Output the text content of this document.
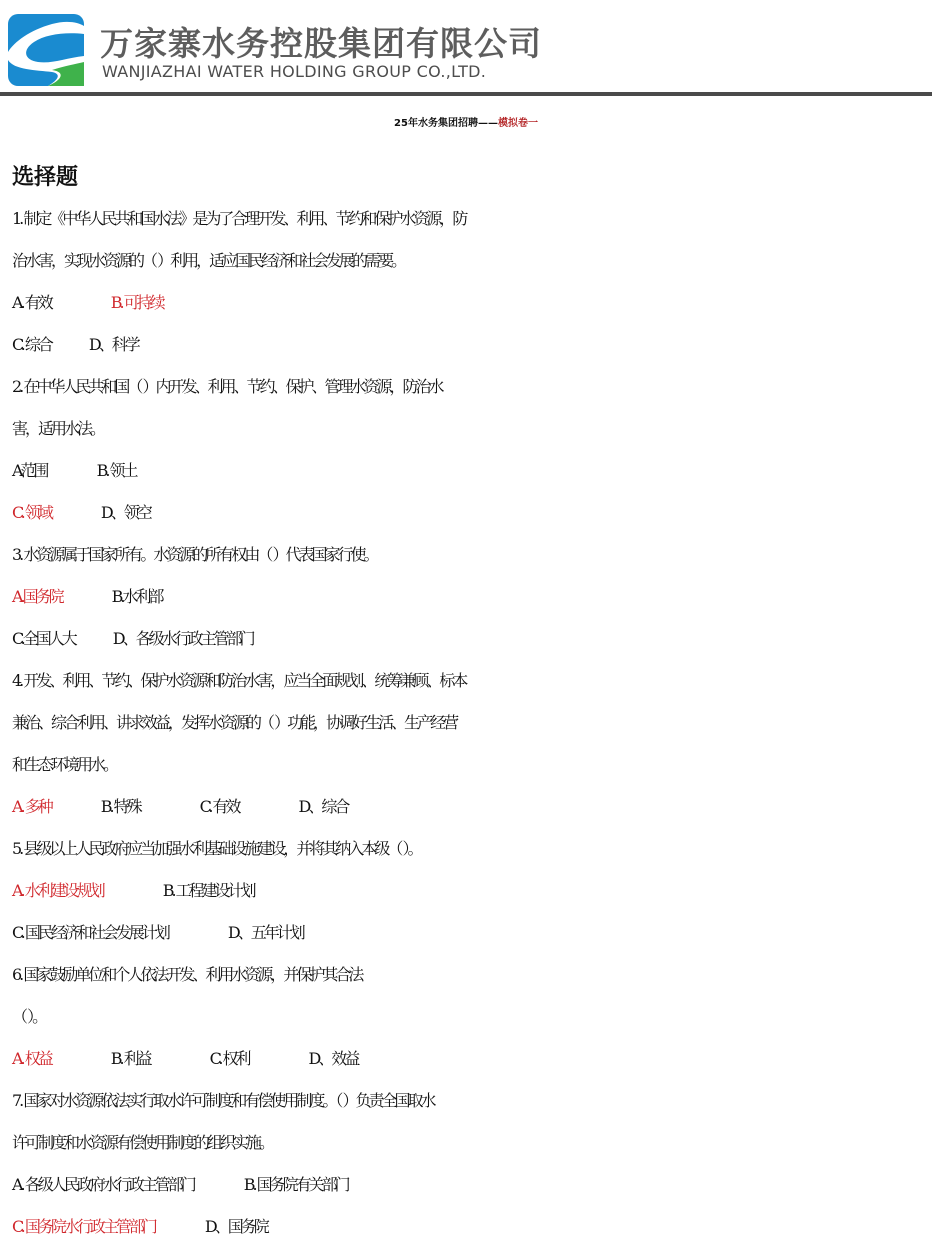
万家寨水务控股集团有限公司
WANJIAZHAI WATER HOLDING GROUP CO.,LTD.
25年水务集团招聘——模拟卷一
选择题
1. 制定《中华人民共和国水法》是为了合理开发、利用、节约和保护水资源，防
治水害，实现水资源的（ ）利用，适应国民经济和社会发展的需要。
A. 有效	B. 可持续
C. 综合 D、科学
2. 在中华人民共和国（ ）内开发、利用、节约、保护、管理水资源，防治水
害，适用水法。
A范围	B. 领土
C. 领域	D、领空
3. 水资源属于国家所有。水资源的所有权由（ ）代表国家行使。
A.国务院	B.水利部
C.全国人大 D、各级水行政主管部门
4. 开发、利用、节约、保护水资源和防治水害，应当全面规划、统筹兼顾、标本
兼治、综合利用、讲求效益，发挥水资源的（ ）功能，协调好生活、生产经营
和生态环境用水。
A. 多种	B. 特殊	C. 有效	D、综合
5. 县级以上人民政府应当加强水利基础设施建设，并将其纳入本级（ ）。
A. 水利建设规划	B. 工程建设计划
C. 国民经济和社会发展计划	D、五年计划
6. 国家鼓励单位和个人依法开发、利用水资源，并保护其合法
（ ）。
A. 权益	B. 利益	C. 权利	D、效益
7. 国家对水资源依法实行取水许可制度和有偿使用制度。（ ）负责全国取水
许可制度和水资源有偿使用制度的组织实施。
A. 各级人民政府水行政主管部门	B. 国务院有关部门
C. 国务院水行政主管部门	D、国务院
